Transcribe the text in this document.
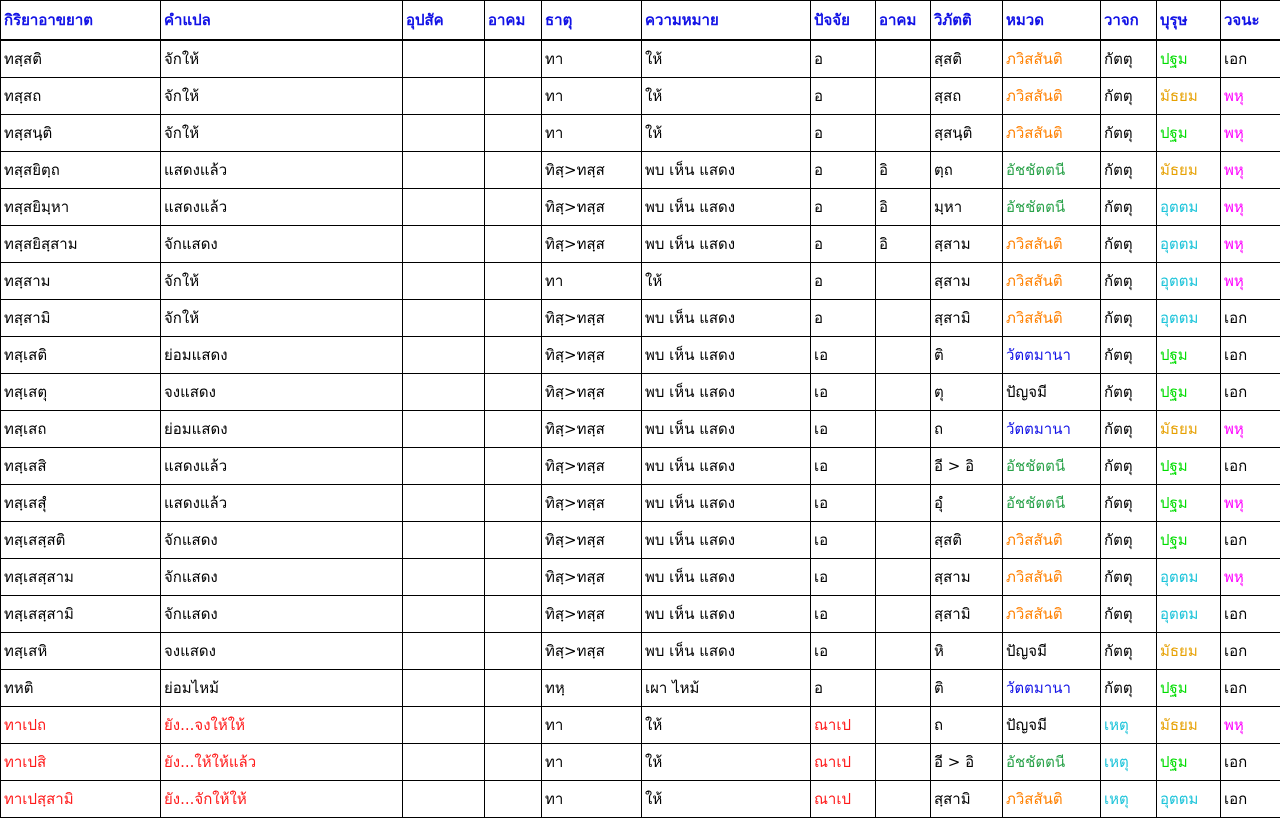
กิริยาอาขยาต	คำแปล	อุปสัค	อาคม	ธาตุ	ความหมาย	ปัจจัย	อาคม	วิภัตติ	หมวด	วาจก	บุรุษ	วจนะ
ทสฺสติ	จักให้			ทา	ให้	อ		สฺสติ	ภวิสสันติ	กัตตุ	ปฐม	เอก
ทสฺสถ	จักให้			ทา	ให้	อ		สฺสถ	ภวิสสันติ	กัตตุ	มัธยม	พหุ
ทสฺสนฺติ	จักให้			ทา	ให้	อ		สฺสนฺติ	ภวิสสันติ	กัตตุ	ปฐม	พหุ
ทสฺสยิตฺถ	แสดงแล้ว			ทิสฺ>ทสฺส	พบ เห็น แสดง	อ	อิ	ตฺถ	อัชชัตตนี	กัตตุ	มัธยม	พหุ
ทสฺสยิมฺหา	แสดงแล้ว			ทิสฺ>ทสฺส	พบ เห็น แสดง	อ	อิ	มฺหา	อัชชัตตนี	กัตตุ	อุตตม	พหุ
ทสฺสยิสฺสาม	จักแสดง			ทิสฺ>ทสฺส	พบ เห็น แสดง	อ	อิ	สฺสาม	ภวิสสันติ	กัตตุ	อุตตม	พหุ
ทสฺสาม	จักให้			ทา	ให้	อ		สฺสาม	ภวิสสันติ	กัตตุ	อุตตม	พหุ
ทสฺสามิ	จักให้			ทิสฺ>ทสฺส	พบ เห็น แสดง	อ		สฺสามิ	ภวิสสันติ	กัตตุ	อุตตม	เอก
ทสฺเสติ	ย่อมแสดง			ทิสฺ>ทสฺส	พบ เห็น แสดง	เอ		ติ	วัตตมานา	กัตตุ	ปฐม	เอก
ทสฺเสตุ	จงแสดง			ทิสฺ>ทสฺส	พบ เห็น แสดง	เอ		ตุ	ปัญจมี	กัตตุ	ปฐม	เอก
ทสฺเสถ	ย่อมแสดง			ทิสฺ>ทสฺส	พบ เห็น แสดง	เอ		ถ	วัตตมานา	กัตตุ	มัธยม	พหุ
ทสฺเสสิ	แสดงแล้ว			ทิสฺ>ทสฺส	พบ เห็น แสดง	เอ		อี > อิ	อัชชัตตนี	กัตตุ	ปฐม	เอก
ทสฺเสสุํ	แสดงแล้ว			ทิสฺ>ทสฺส	พบ เห็น แสดง	เอ		อุํ	อัชชัตตนี	กัตตุ	ปฐม	พหุ
ทสฺเสสฺสติ	จักแสดง			ทิสฺ>ทสฺส	พบ เห็น แสดง	เอ		สฺสติ	ภวิสสันติ	กัตตุ	ปฐม	เอก
ทสฺเสสฺสาม	จักแสดง			ทิสฺ>ทสฺส	พบ เห็น แสดง	เอ		สฺสาม	ภวิสสันติ	กัตตุ	อุตตม	พหุ
ทสฺเสสฺสามิ	จักแสดง			ทิสฺ>ทสฺส	พบ เห็น แสดง	เอ		สฺสามิ	ภวิสสันติ	กัตตุ	อุตตม	เอก
ทสฺเสหิ	จงแสดง			ทิสฺ>ทสฺส	พบ เห็น แสดง	เอ		หิ	ปัญจมี	กัตตุ	มัธยม	เอก
ทหติ	ย่อมไหม้			ทหฺ	เผา ไหม้	อ		ติ	วัตตมานา	กัตตุ	ปฐม	เอก
ทาเปถ	ยัง...จงให้ให้			ทา	ให้	ณาเป		ถ	ปัญจมี	เหตุ	มัธยม	พหุ
ทาเปสิ	ยัง...ให้ให้แล้ว			ทา	ให้	ณาเป		อี > อิ	อัชชัตตนี	เหตุ	ปฐม	เอก
ทาเปสฺสามิ	ยัง...จักให้ให้			ทา	ให้	ณาเป		สฺสามิ	ภวิสสันติ	เหตุ	อุตตม	เอก
